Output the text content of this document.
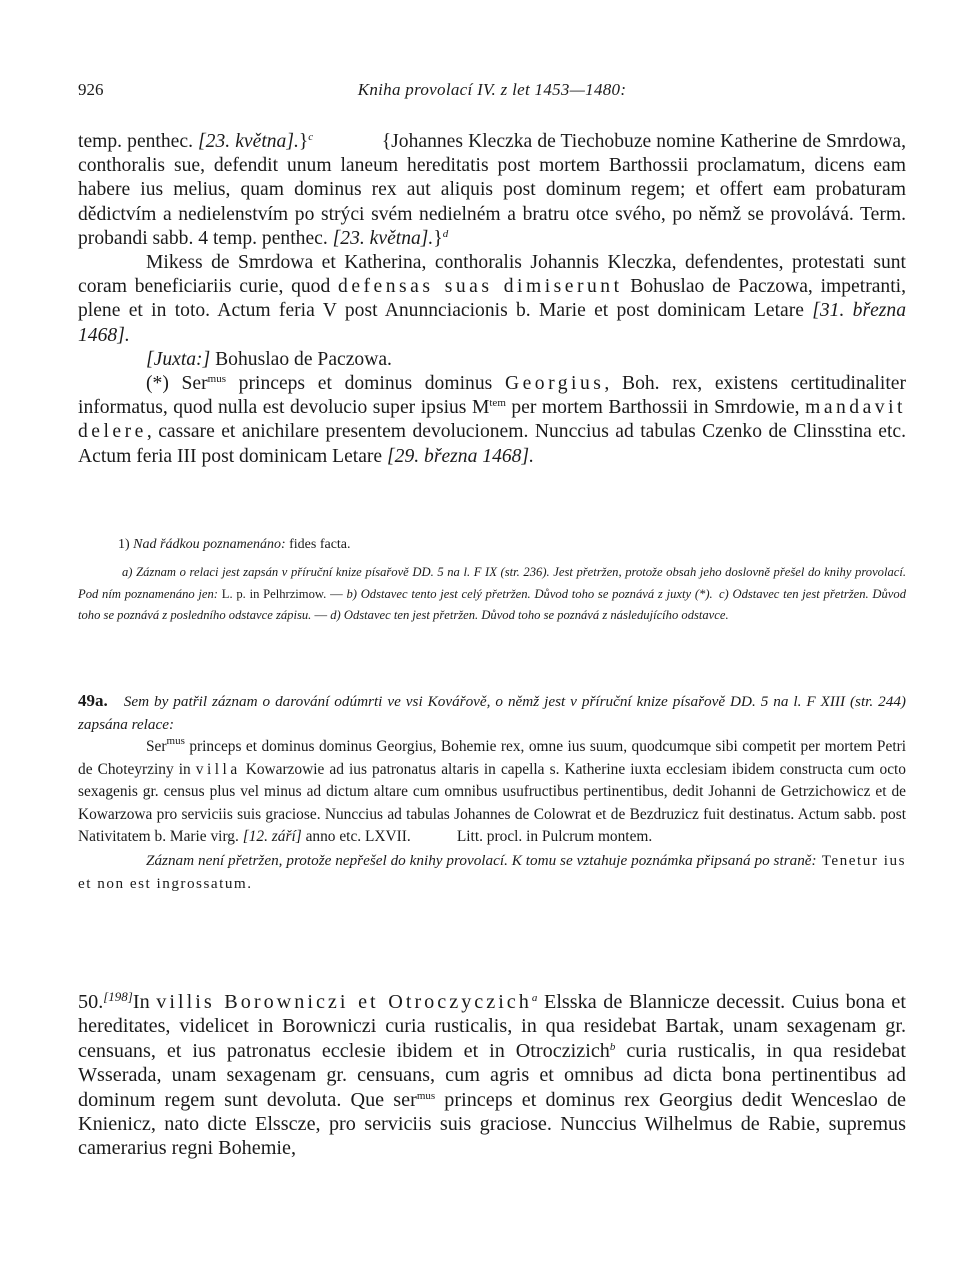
926	Kniha provolací IV. z let 1453—1480:

temp. penthec. [23. května].}$^c$    	{Johannes Kleczka de Tiechobuze nomine Katherine de Smrdowa, conthoralis sue, defendit unum laneum hereditatis post mortem Barthossii proclamatum, dicens eam habere ius melius, quam dominus rex aut aliquis post dominum regem; et offert eam probaturam dědictvím a nedielenstvím po strýci svém nedielném a bratru otce svého, po němž se provolává. Term. probandi sabb. 4 temp. penthec. [23. května].}$^d$

Mikess de Smrdowa et Katherina, conthoralis Johannis Kleczka, defendentes, protestati sunt coram beneficiariis curie, quod defensas suas dimiserunt Bohuslao de Paczowa, impetranti, plene et in toto. Actum feria V post Anunnciacionis b. Marie et post dominicam Letare [31. března 1468].

[Juxta:] Bohuslao de Paczowa.

(*) Ser$^{mus}$ princeps et dominus dominus Georgius, Boh. rex, existens certitudinaliter informatus, quod nulla est devolucio super ipsius $M^{tem}$ per mortem Barthossii in Smrdowie, mandavit delere, cassare et anichilare presentem devolucionem. Nunccius ad tabulas Czenko de Clinsstina etc. Actum feria III post dominicam Letare [29. března 1468].

1) Nad řádkou poznamenáno: fides facta.

a) Záznam o relaci jest zapsán v příruční knize písařově DD. 5 na l. F IX (str. 236). Jest přetržen, protože obsah jeho doslovně přešel do knihy provolací. Pod ním poznamenáno jen: L. p. in Pelhrzimow. — b) Odstavec tento jest celý přetržen. Důvod toho se poznává z juxty (*).  c) Odstavec ten jest přetržen. Důvod toho se poznává z posledního odstavce zápisu. — d) Odstavec ten jest přetržen. Důvod toho se poznává z následujícího odstavce.

49a. Sem by patřil záznam o darování odúmrti ve vsi Kovářově, o němž jest v příruční knize písařově DD. 5 na l. F XIII (str. 244) zapsána relace:

Ser$^{mus}$ princeps et dominus dominus Georgius, Bohemie rex, omne ius suum, quodcumque sibi competit per mortem Petri de Choteyrziny in villa Kowarzowie ad ius patronatus altaris in capella s. Katherine iuxta ecclesiam ibidem constructa cum octo sexagenis gr. census plus vel minus ad dictum altare cum omnibus usufructibus pertinentibus, dedit Johanni de Getrzichowicz et de Kowarzowa pro serviciis suis graciose. Nunccius ad tabulas Johannes de Colowrat et de Bezdruzicz fuit destinatus. Actum sabb. post Nativitatem b. Marie virg. [12. září] anno etc. LXVII.   	Litt. procl. in Pulcrum montem.

Záznam není přetržen, protože nepřešel do knihy provolací. K tomu se vztahuje poznámka připsaná po straně: Tenetur ius et non est ingrossatum.

50.[198]In villis Borowniczi et Otroczyczich$^a$ Elsska de Blannicze decessit. Cuius bona et hereditates, videlicet in Borowniczi curia rusticalis, in qua residebat Bartak, unam sexagenam gr. censuans, et ius patronatus ecclesie ibidem et in Otroczizich$^b$ curia rusticalis, in qua residebat Wsserada, unam sexagenam gr. censuans, cum agris et omnibus ad dicta bona pertinentibus ad dominum regem sunt devoluta. Que ser$^{mus}$ princeps et dominus rex Georgius dedit Wenceslao de Knienicz, nato dicte Elsscze, pro serviciis suis graciose. Nunccius Wilhelmus de Rabie, supremus camerarius regni Bohemie,
